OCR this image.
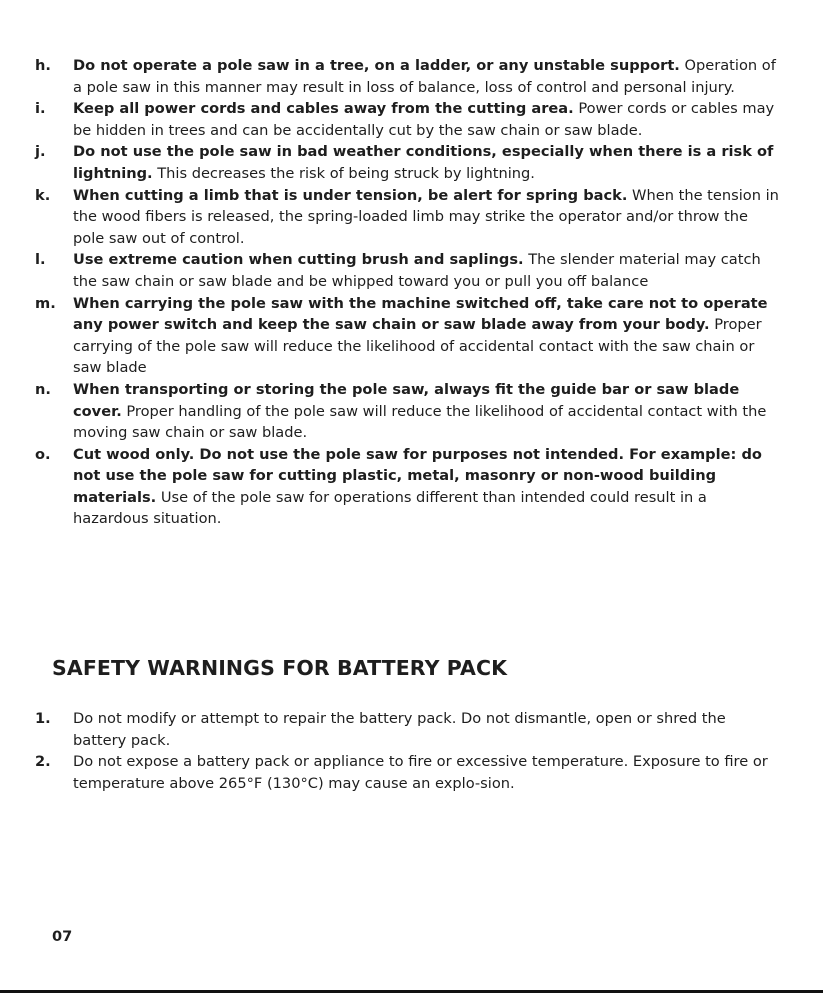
h.	Do not operate a pole saw in a tree, on a ladder, or any unstable support. Operation of a pole saw in this manner may result in loss of balance, loss of control and personal injury.
i.	Keep all power cords and cables away from the cutting area. Power cords or cables may be hidden in trees and can be accidentally cut by the saw chain or saw blade.
j.	Do not use the pole saw in bad weather conditions, especially when there is a risk of lightning. This decreases the risk of being struck by lightning.
k.	When cutting a limb that is under tension, be alert for spring back. When the tension in the wood fibers is released, the spring-loaded limb may strike the operator and/or throw the pole saw out of control.
l.	Use extreme caution when cutting brush and saplings. The slender material may catch the saw chain or saw blade and be whipped toward you or pull you off balance
m.	When carrying the pole saw with the machine switched off, take care not to operate any power switch and keep the saw chain or saw blade away from your body. Proper carrying of the pole saw will reduce the likelihood of accidental contact with the saw chain or saw blade
n.	When transporting or storing the pole saw, always fit the guide bar or saw blade cover. Proper handling of the pole saw will reduce the likelihood of accidental contact with the moving saw chain or saw blade.
o.	Cut wood only. Do not use the pole saw for purposes not intended. For example: do not use the pole saw for cutting plastic, metal, masonry or non-wood building materials. Use of the pole saw for operations different than intended could result in a hazardous situation.
SAFETY WARNINGS FOR BATTERY PACK
1.	Do not modify or attempt to repair the battery pack. Do not dismantle, open or shred the battery pack.
2.	Do not expose a battery pack or appliance to fire or excessive temperature. Exposure to fire or temperature above 265°F (130°C) may cause an explo-sion.
07
